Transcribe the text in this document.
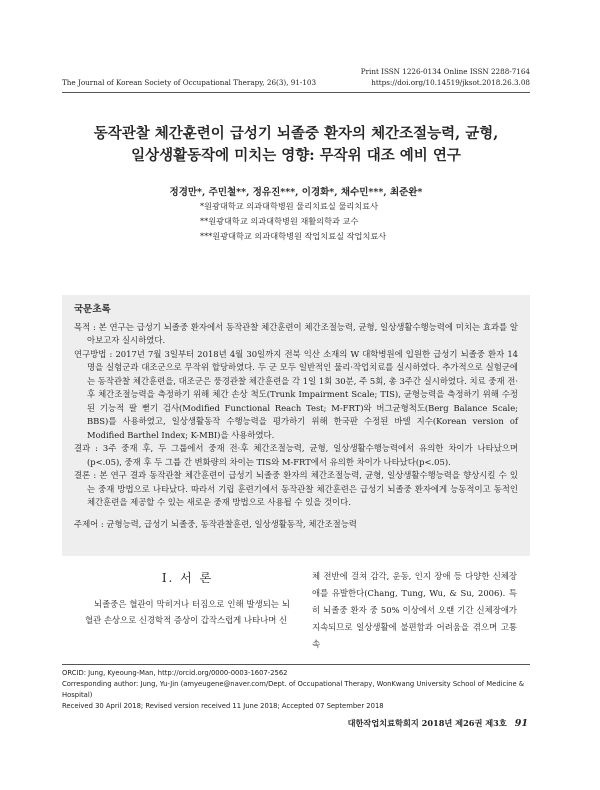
Print ISSN 1226-0134 Online ISSN 2288-7164
The Journal of Korean Society of Occupational Therapy, 26(3), 91-103	https://doi.org/10.14519/jksot.2018.26.3.08
동작관찰 체간훈련이 급성기 뇌졸중 환자의 체간조절능력, 균형,
일상생활동작에 미치는 영향: 무작위 대조 예비 연구
정경만*, 주민철**, 정유진***, 이경화*, 채수민***, 최준완*
*원광대학교 의과대학병원 물리치료실 물리치료사
**원광대학교 의과대학병원 재활의학과 교수
***원광대학교 의과대학병원 작업치료실 작업치료사
국문초록
목적 : 본 연구는 급성기 뇌졸중 환자에서 동작관찰 체간훈련이 체간조절능력, 균형, 일상생활수행능력에 미치는 효과를 알아보고자 실시하였다.
연구방법 : 2017년 7월 3일부터 2018년 4월 30일까지 전북 익산 소재의 W 대학병원에 입원한 급성기 뇌졸중 환자 14명을 실험군과 대조군으로 무작위 할당하였다. 두 군 모두 일반적인 물리·작업치료를 실시하였다. 추가적으로 실험군에는 동작관찰 체간훈련을, 대조군은 풍경관찰 체간훈련을 각 1일 1회 30분, 주 5회, 총 3주간 실시하였다. 치료 중재 전·후 체간조절능력을 측정하기 위해 체간 손상 척도(Trunk Impairment Scale; TIS), 균형능력을 측정하기 위해 수정된 기능적 팔 뻗기 검사(Modified Functional Reach Test; M-FRT)와 버그균형척도(Berg Balance Scale; BBS)를 사용하였고, 일상생활동작 수행능력을 평가하기 위해 한국판 수정된 바델 지수(Korean version of Modified Barthel Index; K-MBI)을 사용하였다.
결과 : 3주 중재 후, 두 그룹에서 중재 전·후 체간조절능력, 균형, 일상생활수행능력에서 유의한 차이가 나타났으며(p<.05), 중재 후 두 그룹 간 변화량의 차이는 TIS와 M-FRT에서 유의한 차이가 나타났다(p<.05).
결론 : 본 연구 결과 동작관찰 체간훈련이 급성기 뇌졸중 환자의 체간조절능력, 균형, 일상생활수행능력을 향상시킬 수 있는 중재 방법으로 나타났다. 따라서 기립 훈련기에서 동작관찰 체간훈련은 급성기 뇌졸중 환자에게 능동적이고 동적인 체간훈련을 제공할 수 있는 새로운 중재 방법으로 사용될 수 있을 것이다.
주제어 : 균형능력, 급성기 뇌졸중, 동작관찰훈련, 일상생활동작, 체간조절능력
Ⅰ. 서 론
뇌졸중은 혈관이 막히거나 터짐으로 인해 발생되는 뇌혈관 손상으로 신경학적 증상이 갑작스럽게 나타나며 신
체 전반에 걸쳐 감각, 운동, 인지 장애 등 다양한 신체장애를 유발한다(Chang, Tung, Wu, & Su, 2006). 특히 뇌졸중 환자 중 50% 이상에서 오랜 기간 신체장애가 지속되므로 일상생활에 불편함과 어려움을 겪으며 고통 속
ORCID: Jung, Kyeoung-Man, http://orcid.org/0000-0003-1607-2562
Corresponding author: Jung, Yu-Jin (amyeugene@naver.com/Dept. of Occupational Therapy, WonKwang University School of Medicine & Hospital)
Received 30 April 2018; Revised version received 11 June 2018; Accepted 07 September 2018
대한작업치료학회지 2018년 제26권 제3호 91
